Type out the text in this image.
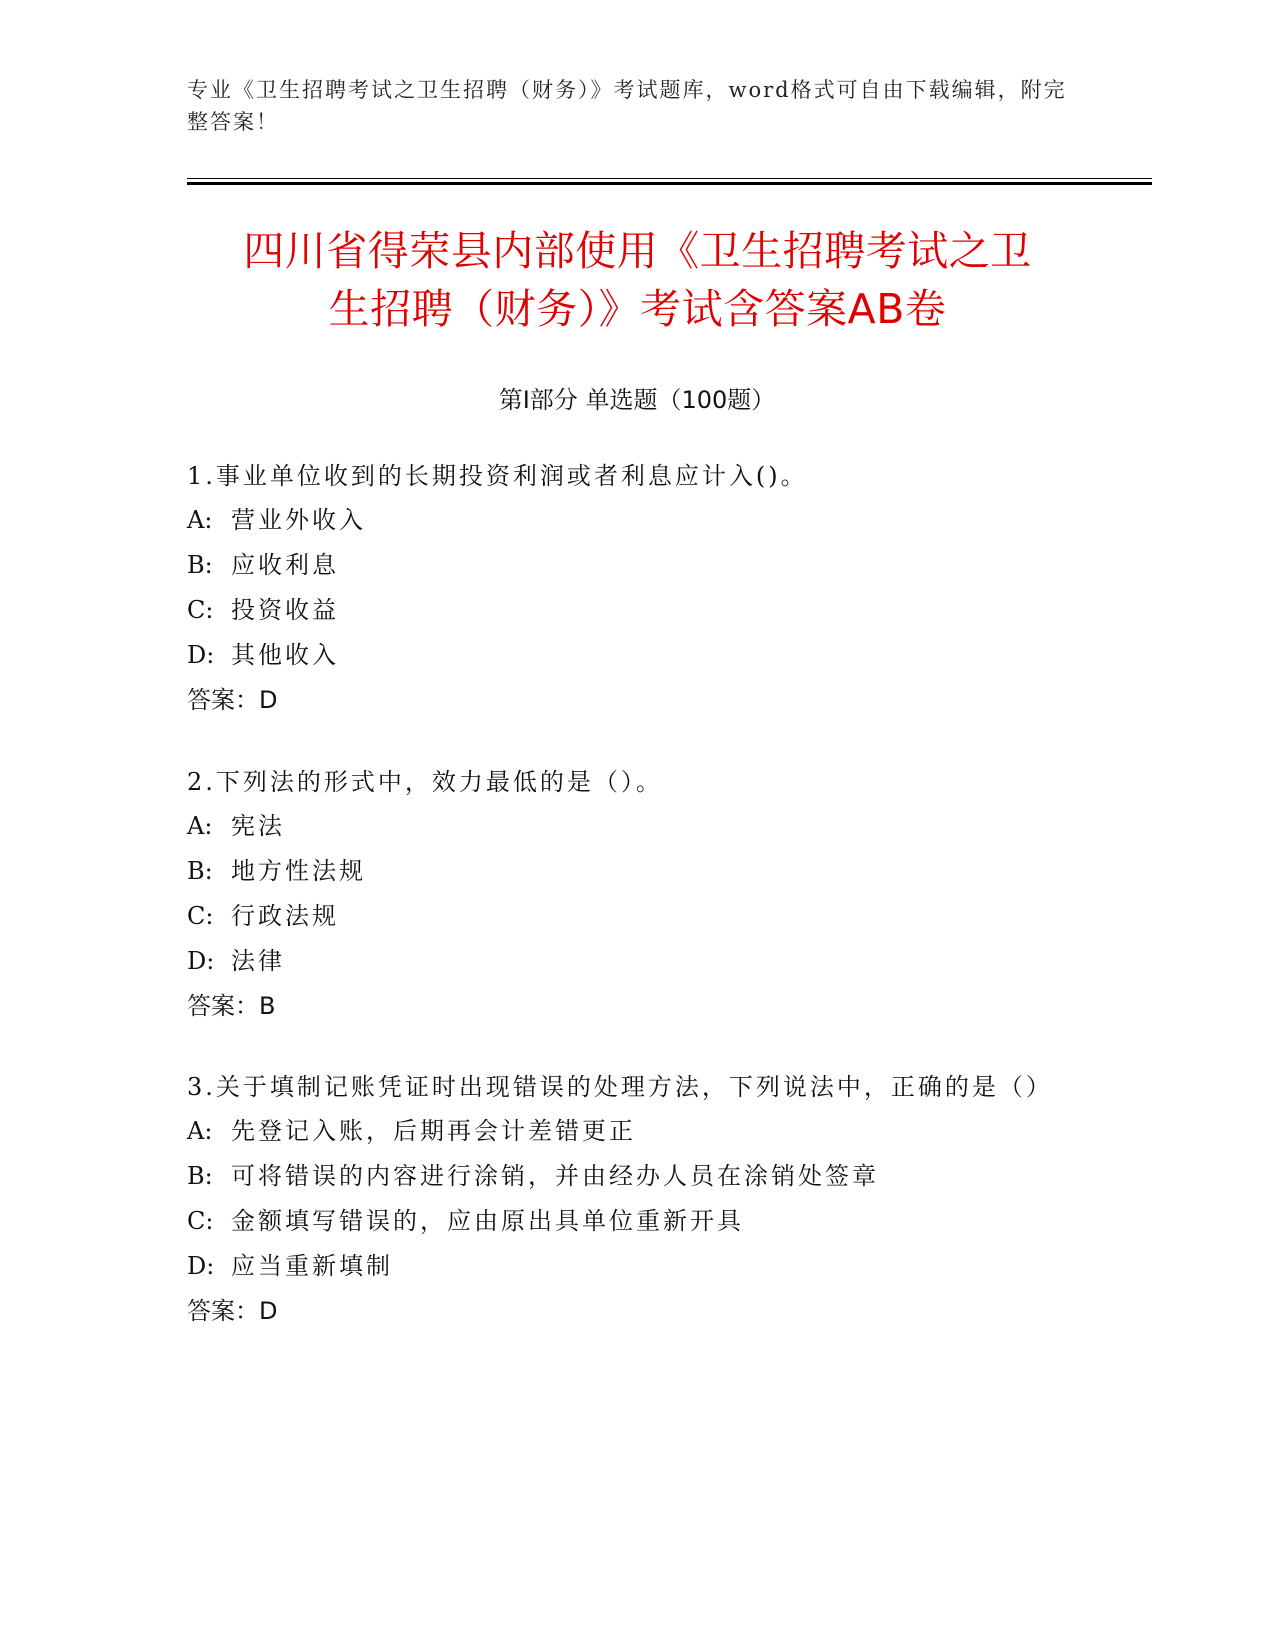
专业《卫生招聘考试之卫生招聘（财务）》考试题库，word格式可自由下载编辑，附完整答案！
四川省得荣县内部使用《卫生招聘考试之卫
生招聘（财务）》考试含答案AB卷
第Ⅰ部分 单选题（100题）

1.事业单位收到的长期投资利润或者利息应计入()。

A: 营业外收入

B: 应收利息

C: 投资收益

D: 其他收入

答案：D

2.下列法的形式中，效力最低的是（）。

A: 宪法

B: 地方性法规

C: 行政法规

D: 法律

答案：B

3.关于填制记账凭证时出现错误的处理方法，下列说法中，正确的是（）

A: 先登记入账，后期再会计差错更正

B: 可将错误的内容进行涂销，并由经办人员在涂销处签章

C: 金额填写错误的，应由原出具单位重新开具

D: 应当重新填制

答案：D
